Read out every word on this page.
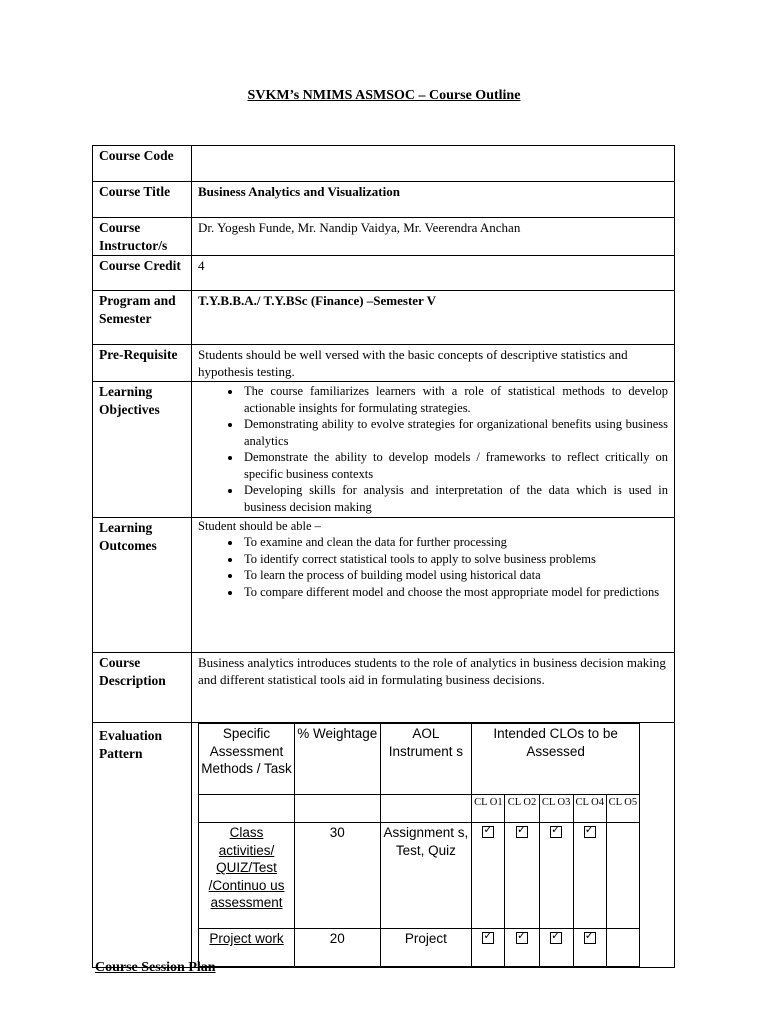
SVKM’s NMIMS ASMSOC – Course Outline
Course Code	
Course Title	Business Analytics and Visualization
Course Instructor/s	Dr. Yogesh Funde, Mr. Nandip Vaidya, Mr. Veerendra Anchan
Course Credit	4
Program and Semester	T.Y.B.B.A./ T.Y.BSc (Finance) –Semester V
Pre-Requisite	Students should be well versed with the basic concepts of descriptive statistics and hypothesis testing.
Learning Objectives	
• The course familiarizes learners with a role of statistical methods to develop actionable insights for formulating strategies.
• Demonstrating ability to evolve strategies for organizational benefits using business analytics
• Demonstrate the ability to develop models / frameworks to reflect critically on specific business contexts
• Developing skills for analysis and interpretation of the data which is used in business decision making

Learning Outcomes	
Student should be able –
• To examine and clean the data for further processing
• To identify correct statistical tools to apply to solve business problems
• To learn the process of building model using historical data
• To compare different model and choose the most appropriate model for predictions

Course Description	Business analytics introduces students to the role of analytics in business decision making and different statistical tools aid in formulating business decisions.
Evaluation Pattern	
Specific Assessment Methods / Task	% Weightage	AOL Instrument s	Intended CLOs to be Assessed
			CL O1	CL O2	CL O3	CL O4	CL O5
Class activities/ QUIZ/Test /Continuo us assessment	30	Assignment s, Test, Quiz	✓	✓	✓	✓	
Project work	20	Project	✓	✓	✓	✓	
Course Session Plan
